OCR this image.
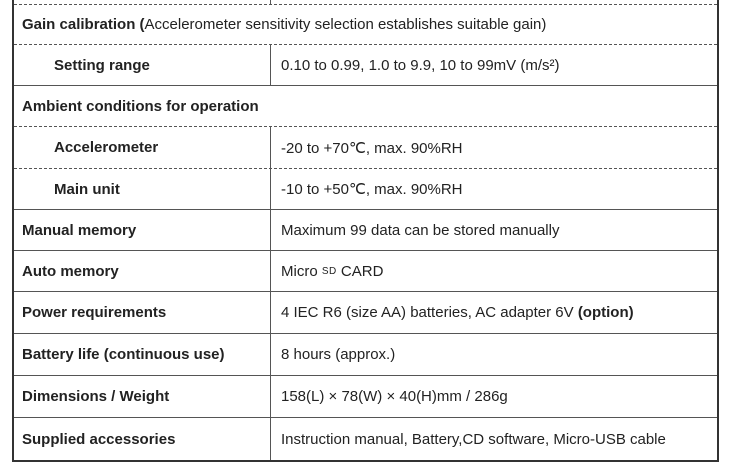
Gain calibration ( Accelerometer sensitivity selection establishes suitable gain)
Setting range	0.10 to 0.99, 1.0 to 9.9, 10 to 99mV (m/s²)
Ambient conditions for operation
Accelerometer	-20 to +70℃, max. 90%RH
Main unit	-10 to +50℃, max. 90%RH
Manual memory	Maximum 99 data can be stored manually
Auto memory	Micro SD CARD
Power requirements	4 IEC R6 (size AA) batteries, AC adapter 6V (option)
Battery life (continuous use)	8 hours (approx.)
Dimensions / Weight	158(L) × 78(W) × 40(H)mm / 286g
Supplied accessories	Instruction manual, Battery,CD software, Micro-USB cable
